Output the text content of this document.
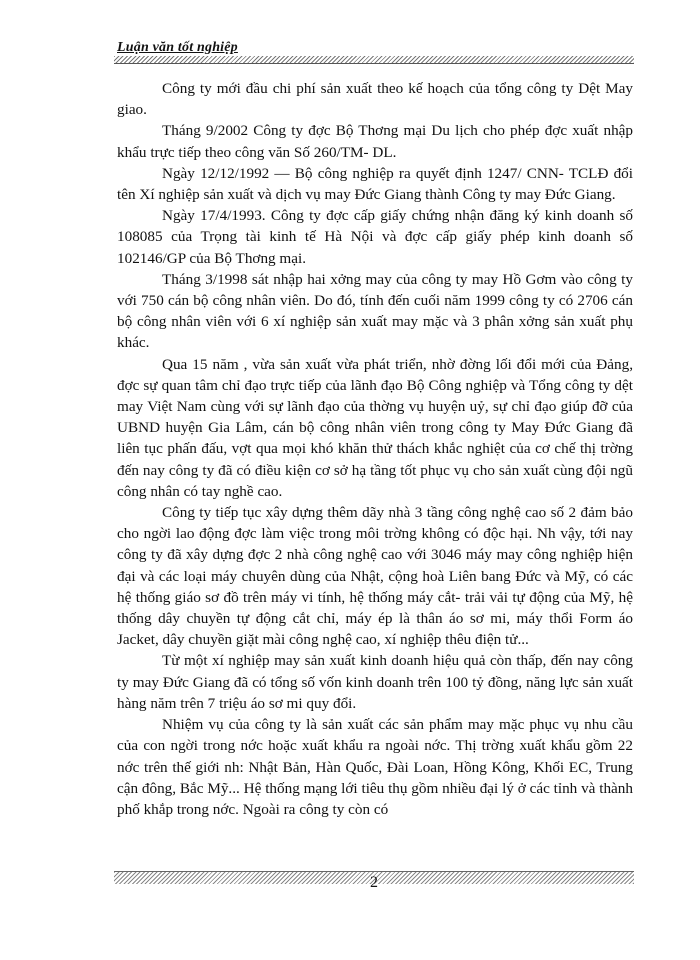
Luận văn tốt nghiệp

Công ty mới đầu chi phí sản xuất theo kế hoạch của tổng công ty Dệt May giao.

Tháng 9/2002 Công ty đợc Bộ Thơng mại Du lịch cho phép đợc xuất nhập khẩu trực tiếp theo công văn Số 260/TM- DL.

Ngày 12/12/1992 — Bộ công nghiệp ra quyết định 1247/ CNN- TCLĐ đổi tên Xí nghiệp sản xuất và dịch vụ may Đức Giang thành Công ty may Đức Giang.

Ngày 17/4/1993. Công ty đợc cấp giấy chứng nhận đăng ký kinh doanh số 108085 của Trọng tài kinh tế Hà Nội và đợc cấp giấy phép kinh doanh số 102146/GP của Bộ Thơng mại.

Tháng 3/1998 sát nhập hai xởng may của công ty may Hồ Gơm vào công ty với 750 cán bộ công nhân viên. Do đó, tính đến cuối năm 1999 công ty có 2706 cán bộ công nhân viên với 6 xí nghiệp sản xuất may mặc và 3 phân xởng sản xuất phụ khác.

Qua 15 năm , vừa sản xuất vừa phát triển, nhờ đờng lối đổi mới của Đảng, đợc sự quan tâm chỉ đạo trực tiếp của lãnh đạo Bộ Công nghiệp và Tổng công ty dệt may Việt Nam cùng với sự lãnh đạo của thờng vụ huyện uỷ, sự chỉ đạo giúp đỡ của UBND huyện Gia Lâm, cán bộ công nhân viên trong công ty May Đức Giang đã liên tục phấn đấu, vợt qua mọi khó khăn thử thách khắc nghiệt của cơ chế thị trờng đến nay công ty đã có điều kiện cơ sở hạ tầng tốt phục vụ cho sản xuất cùng đội ngũ công nhân có tay nghề cao.

Công ty tiếp tục xây dựng thêm dãy nhà 3 tầng công nghệ cao số 2 đảm bảo cho ngời lao động đợc làm việc trong môi trờng không có độc hại. Nh vậy, tới nay công ty đã xây dựng đợc 2 nhà công nghệ cao với 3046 máy may công nghiệp hiện đại và các loại máy chuyên dùng của Nhật, cộng hoà Liên bang Đức và Mỹ, có các hệ thống giáo sơ đồ trên máy vi tính, hệ thống máy cắt- trải vải tự động của Mỹ, hệ thống dây chuyền tự động cắt chỉ, máy ép là thân áo sơ mi, máy thổi Form áo Jacket, dây chuyền giặt mài công nghệ cao, xí nghiệp thêu điện tử...

Từ một xí nghiệp may sản xuất kinh doanh hiệu quả còn thấp, đến nay công ty may Đức Giang đã có tổng số vốn kinh doanh trên 100 tỷ đồng, năng lực sản xuất hàng năm trên 7 triệu áo sơ mi quy đổi.

Nhiệm vụ của công ty là sản xuất các sản phẩm may mặc phục vụ nhu cầu của con ngời trong nớc hoặc xuất khẩu ra ngoài nớc. Thị trờng xuất khẩu gồm 22 nớc trên thế giới nh: Nhật Bản, Hàn Quốc, Đài Loan, Hồng Kông, Khối EC, Trung cận đông, Bắc Mỹ... Hệ thống mạng lới tiêu thụ gồm nhiều đại lý ở các tỉnh và thành phố khắp trong nớc. Ngoài ra công ty còn có

2
